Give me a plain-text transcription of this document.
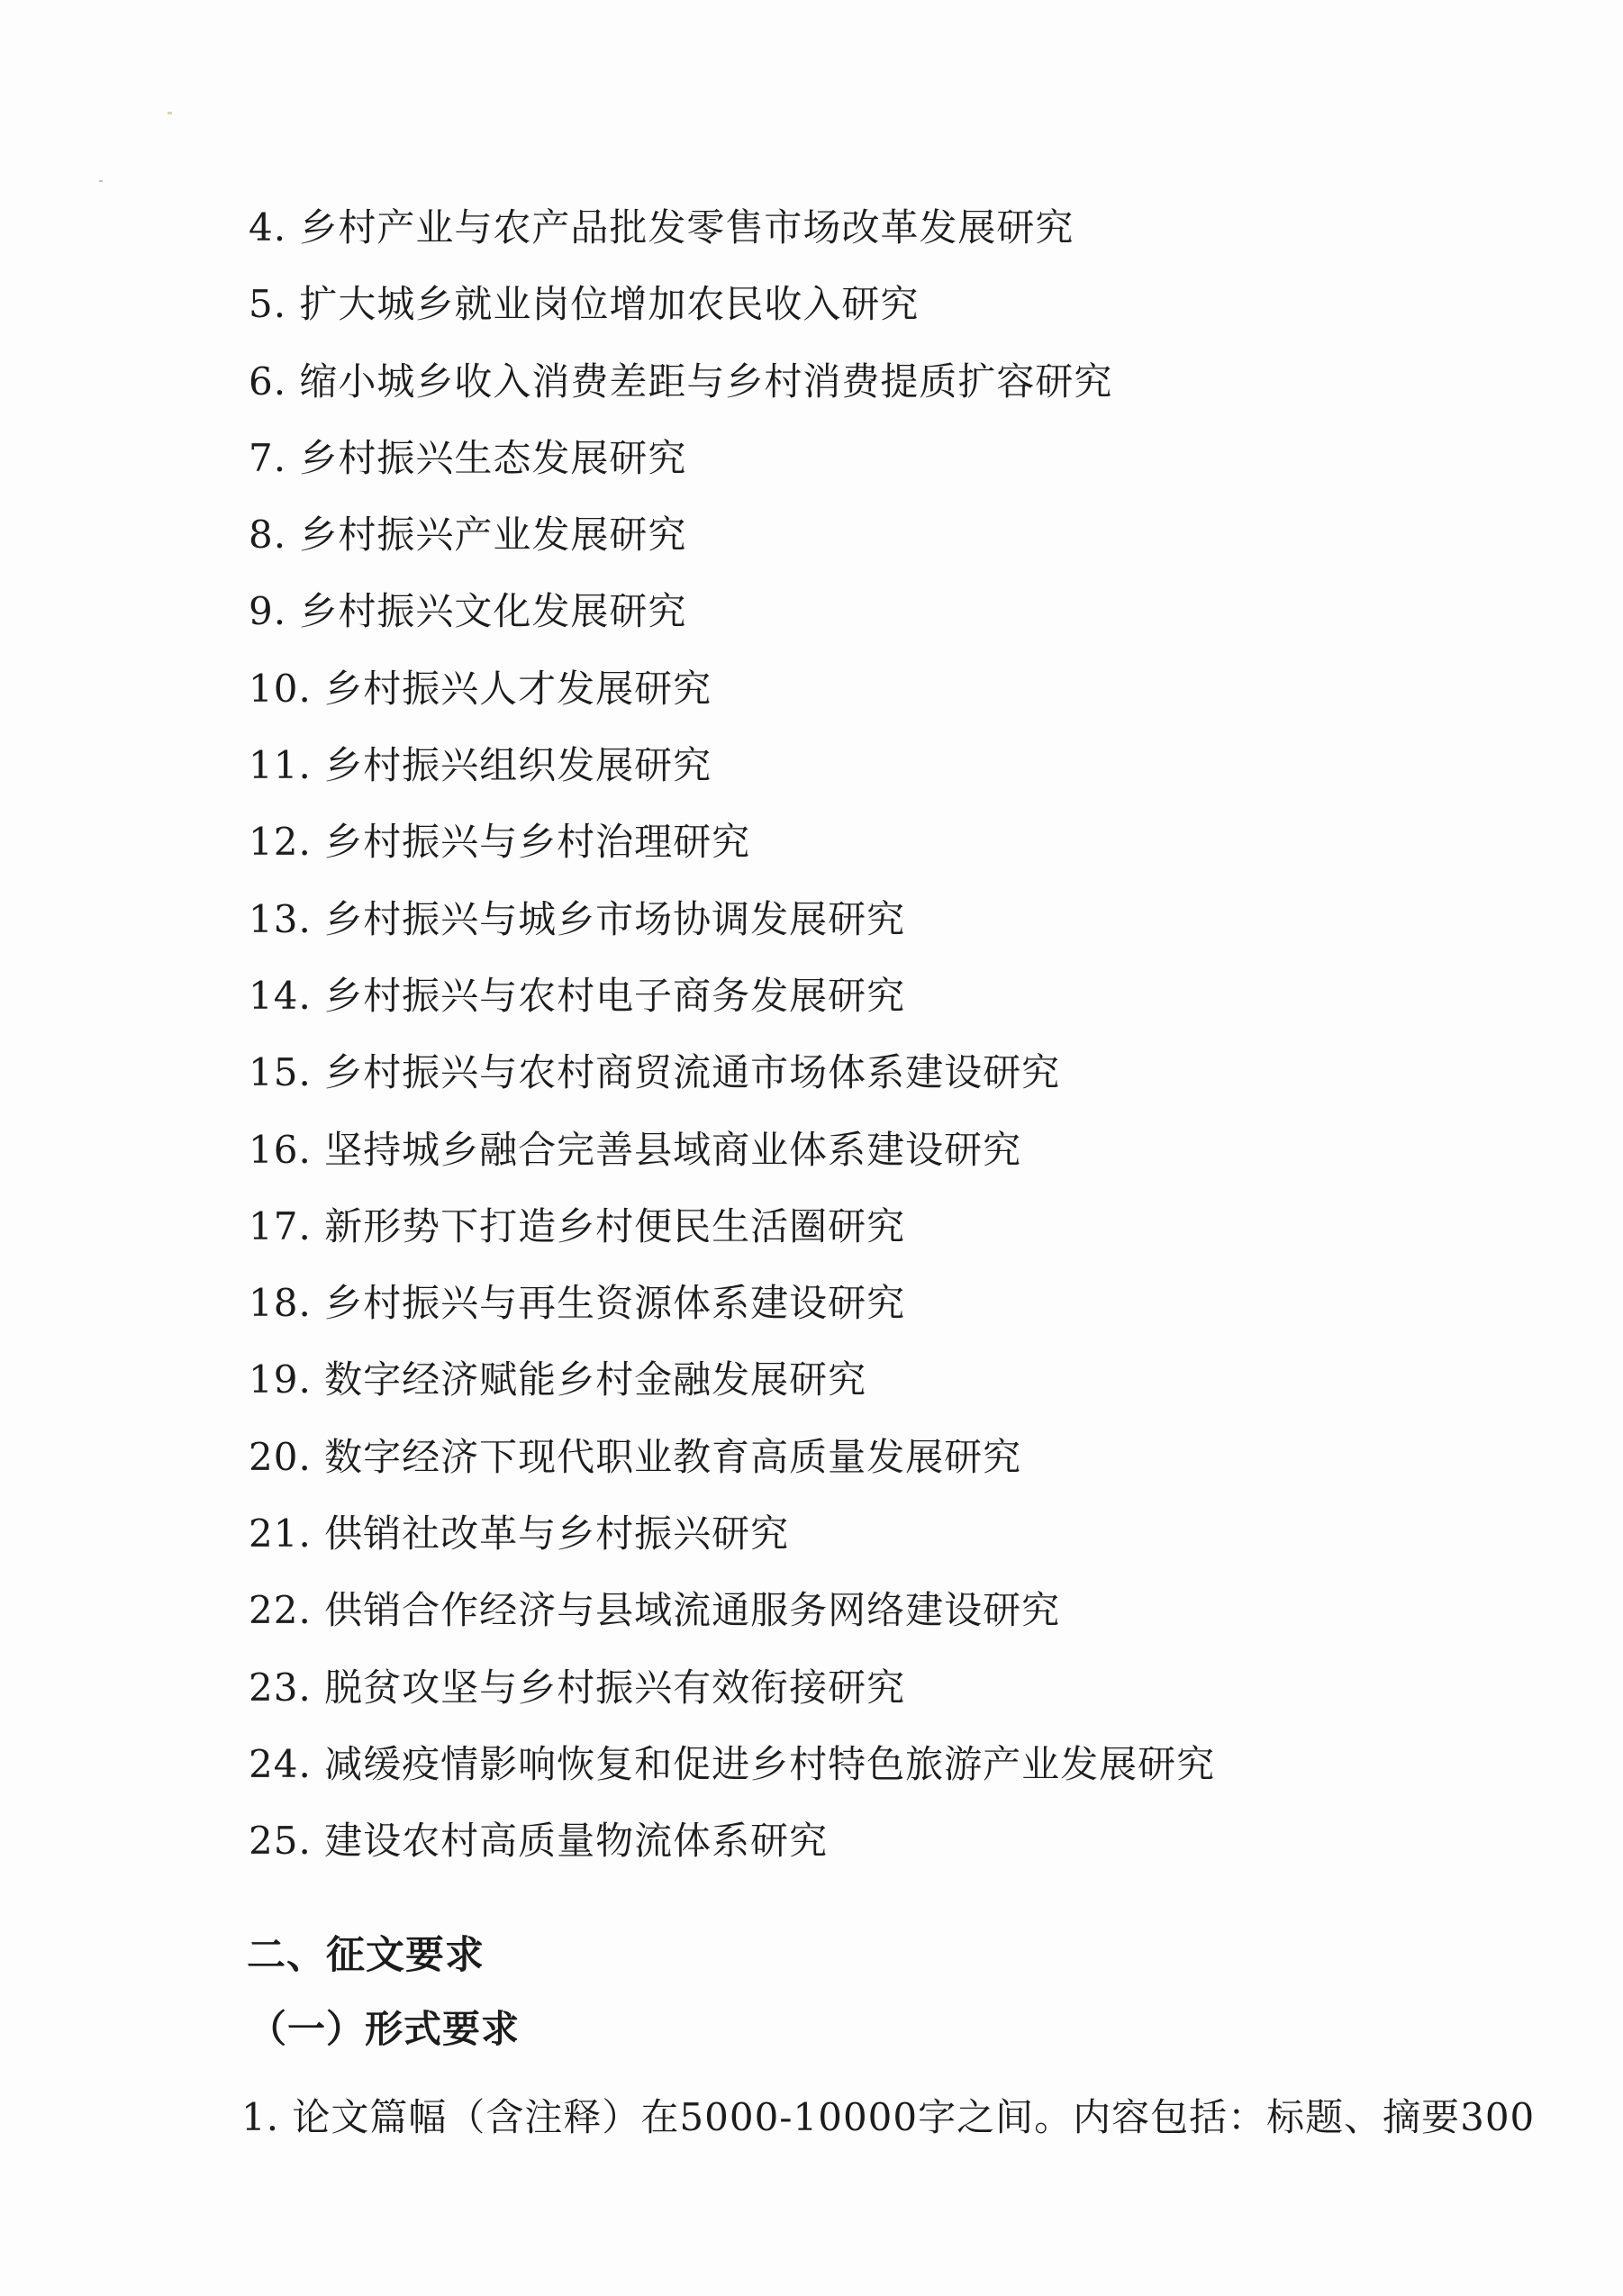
4. 乡村产业与农产品批发零售市场改革发展研究
5. 扩大城乡就业岗位增加农民收入研究
6. 缩小城乡收入消费差距与乡村消费提质扩容研究
7. 乡村振兴生态发展研究
8. 乡村振兴产业发展研究
9. 乡村振兴文化发展研究
10. 乡村振兴人才发展研究
11. 乡村振兴组织发展研究
12. 乡村振兴与乡村治理研究
13. 乡村振兴与城乡市场协调发展研究
14. 乡村振兴与农村电子商务发展研究
15. 乡村振兴与农村商贸流通市场体系建设研究
16. 坚持城乡融合完善县域商业体系建设研究
17. 新形势下打造乡村便民生活圈研究
18. 乡村振兴与再生资源体系建设研究
19. 数字经济赋能乡村金融发展研究
20. 数字经济下现代职业教育高质量发展研究
21. 供销社改革与乡村振兴研究
22. 供销合作经济与县域流通服务网络建设研究
23. 脱贫攻坚与乡村振兴有效衔接研究
24. 减缓疫情影响恢复和促进乡村特色旅游产业发展研究
25. 建设农村高质量物流体系研究
二、征文要求
（一）形式要求
1. 论文篇幅（含注释）在5000-10000字之间。内容包括：标题、摘要300
